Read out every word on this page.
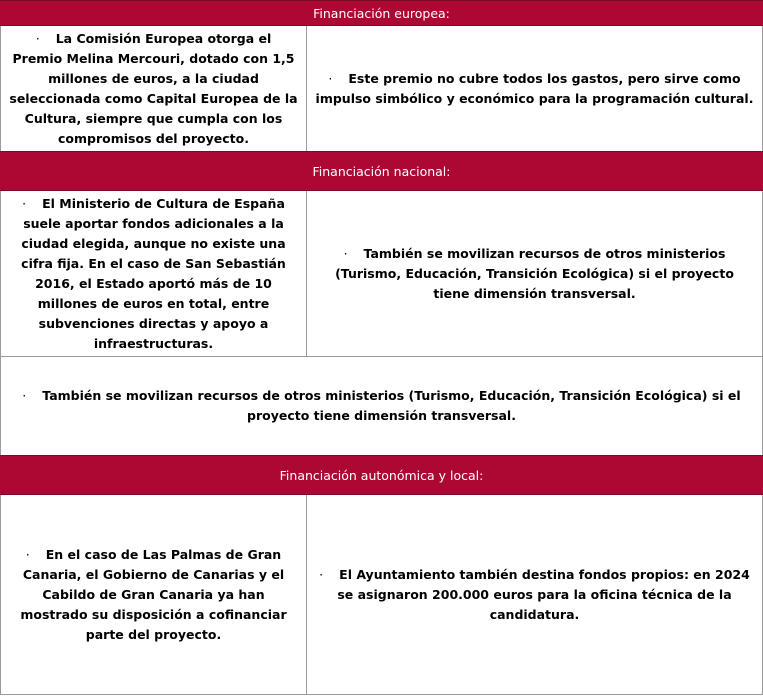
Financiación europea:
· La Comisión Europea otorga el Premio Melina Mercouri, dotado con 1,5 millones de euros, a la ciudad seleccionada como Capital Europea de la Cultura, siempre que cumpla con los compromisos del proyecto.
· Este premio no cubre todos los gastos, pero sirve como impulso simbólico y económico para la programación cultural.
Financiación nacional:
· El Ministerio de Cultura de España suele aportar fondos adicionales a la ciudad elegida, aunque no existe una cifra fija. En el caso de San Sebastián 2016, el Estado aportó más de 10 millones de euros en total, entre subvenciones directas y apoyo a infraestructuras.
· También se movilizan recursos de otros ministerios (Turismo, Educación, Transición Ecológica) si el proyecto tiene dimensión transversal.
· También se movilizan recursos de otros ministerios (Turismo, Educación, Transición Ecológica) si el proyecto tiene dimensión transversal.
Financiación autonómica y local:
· En el caso de Las Palmas de Gran Canaria, el Gobierno de Canarias y el Cabildo de Gran Canaria ya han mostrado su disposición a cofinanciar parte del proyecto.
· El Ayuntamiento también destina fondos propios: en 2024 se asignaron 200.000 euros para la oficina técnica de la candidatura.
